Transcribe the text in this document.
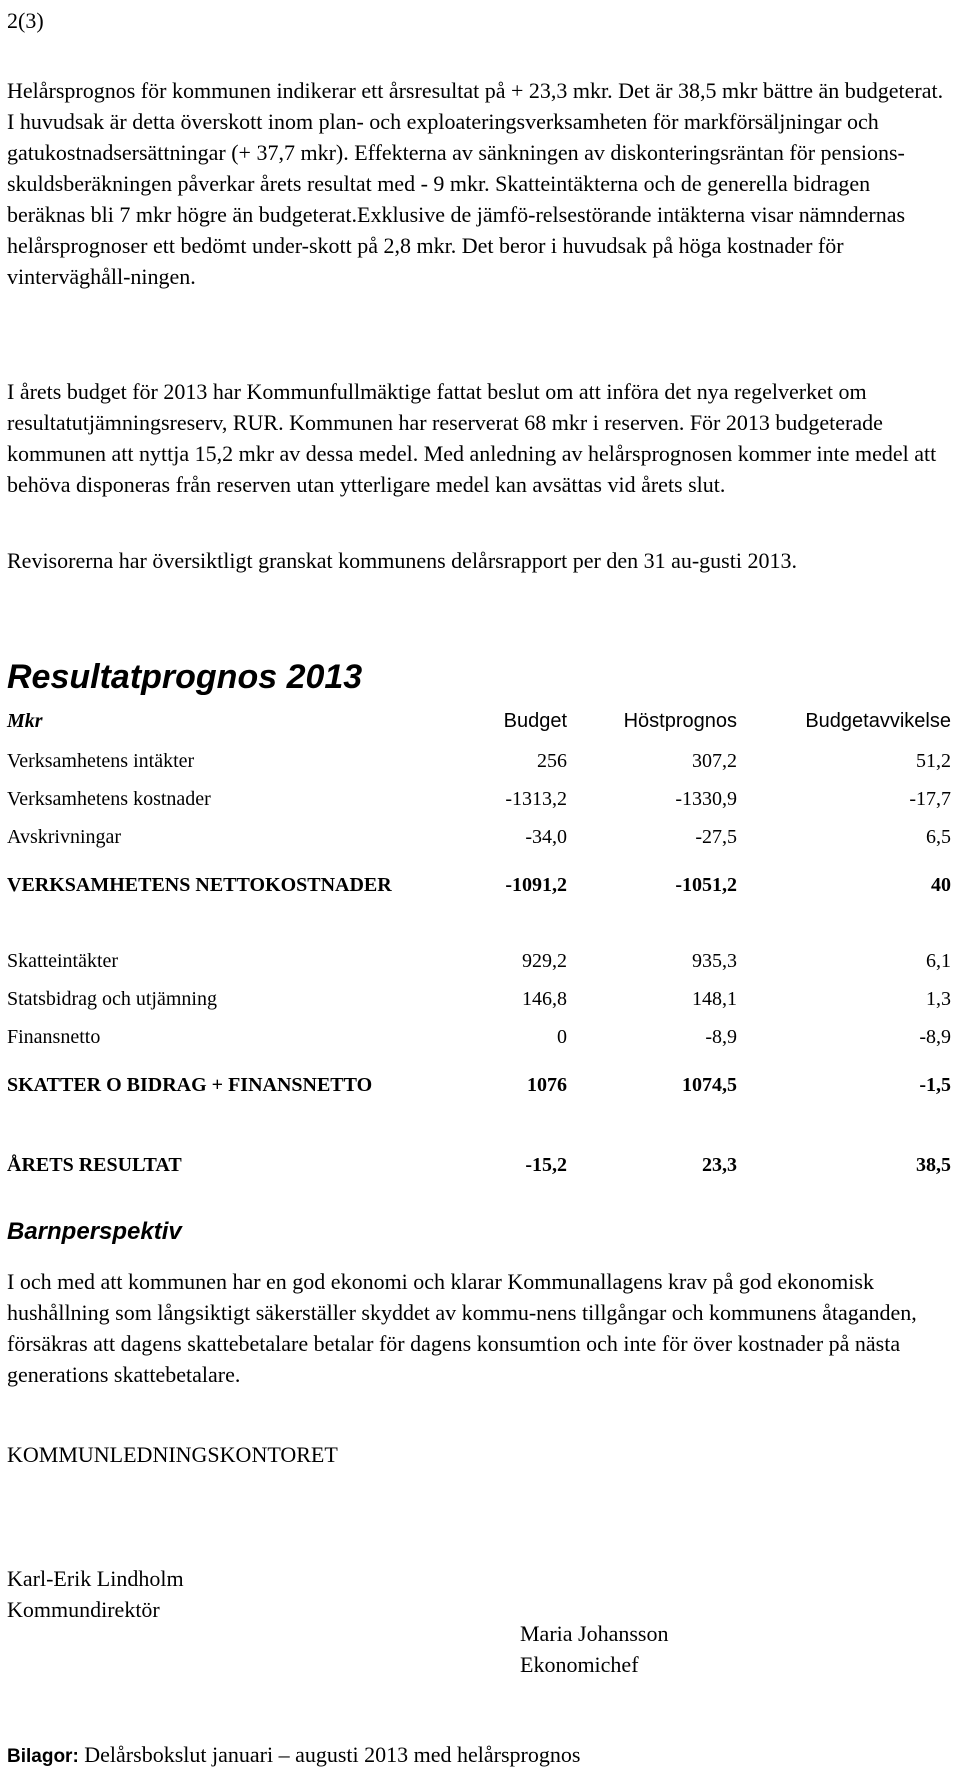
2(3)

Helårsprognos för kommunen indikerar ett årsresultat på + 23,3 mkr. Det är 38,5 mkr bättre än budgeterat. I huvudsak är detta överskott inom plan- och exploateringsverksamheten för markförsäljningar och gatukostnadsersättningar (+ 37,7 mkr). Effekterna av sänkningen av diskonteringsräntan för pensions-skuldsberäkningen påverkar årets resultat med - 9 mkr. Skatteintäkterna och de generella bidragen beräknas bli 7 mkr högre än budgeterat.Exklusive de jämfö-relsestörande intäkterna visar nämndernas helårsprognoser ett bedömt under-skott på 2,8 mkr. Det beror i huvudsak på höga kostnader för vinterväghåll-ningen.

I årets budget för 2013 har Kommunfullmäktige fattat beslut om att införa det nya regelverket om resultatutjämningsreserv, RUR. Kommunen har reserverat 68 mkr i reserven. För 2013 budgeterade kommunen att nyttja 15,2 mkr av dessa medel. Med anledning av helårsprognosen kommer inte medel att behöva disponeras från reserven utan ytterligare medel kan avsättas vid årets slut.

Revisorerna har översiktligt granskat kommunens delårsrapport per den 31 au-gusti 2013.

Resultatprognos 2013
Mkr	Budget	Höstprognos	Budgetavvikelse
Verksamhetens intäkter	256	307,2	51,2
Verksamhetens kostnader	-1313,2	-1330,9	-17,7
Avskrivningar	-34,0	-27,5	6,5
VERKSAMHETENS NETTOKOSTNADER	-1091,2	-1051,2	40

Skatteintäkter	929,2	935,3	6,1
Statsbidrag och utjämning	146,8	148,1	1,3
Finansnetto	0	-8,9	-8,9
SKATTER O BIDRAG + FINANSNETTO	1076	1074,5	-1,5

ÅRETS RESULTAT	-15,2	23,3	38,5
Barnperspektiv

I och med att kommunen har en god ekonomi och klarar Kommunallagens krav på god ekonomisk hushållning som långsiktigt säkerställer skyddet av kommu-nens tillgångar och kommunens åtaganden, försäkras att dagens skattebetalare betalar för dagens konsumtion och inte för över kostnader på nästa generations skattebetalare.

KOMMUNLEDNINGSKONTORET
Karl-Erik Lindholm
Kommundirektör
Maria Johansson
Ekonomichef
Bilagor: Delårsbokslut januari – augusti 2013 med helårsprognos
